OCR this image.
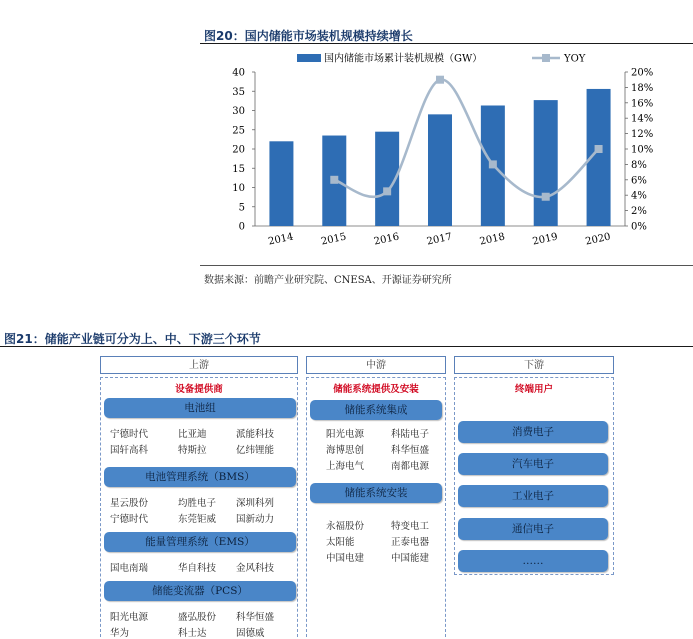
图20：国内储能市场装机规模持续增长
0
5
10
15
20
25
30
35
40
0%
2%
4%
6%
8%
10%
12%
14%
16%
18%
20%
2014	2015	2016	2017	2018	2019	2020
国内储能市场累计装机规模（GW）	YOY
数据来源：前瞻产业研究院、CNESA、开源证券研究所
图21：储能产业链可分为上、中、下游三个环节
上游	中游	下游
设备提供商	储能系统提供及安装	终端用户
电池组
宁德时代	比亚迪	派能科技
国轩高科	特斯拉	亿纬锂能
电池管理系统（BMS）
星云股份	均胜电子 深圳科列
宁德时代	东莞钜威 国新动力
能量管理系统（EMS）
国电南瑞	华自科技 金风科技
储能变流器（PCS）
阳光电源	盛弘股份 科华恒盛
华为	科士达	固德威
储能系统集成
阳光电源	科陆电子
海博思创	科华恒盛
上海电气	南都电源
储能系统安装
永福股份	特变电工
太阳能	正泰电器
中国电建	中国能建
消费电子
汽车电子
工业电子
通信电子
……
